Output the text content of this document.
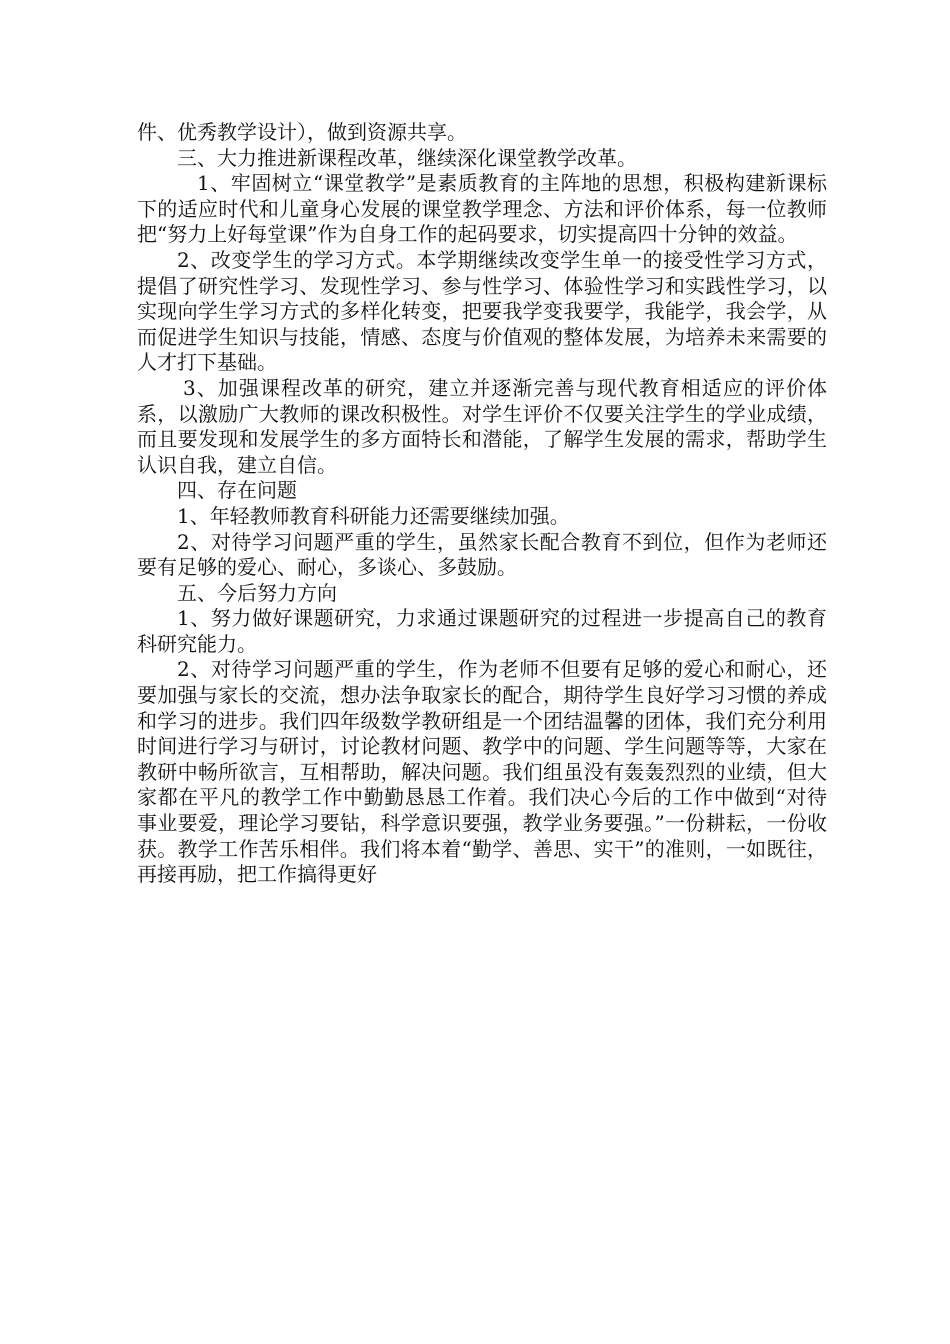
件、优秀教学设计），做到资源共享。

三、大力推进新课程改革，继续深化课堂教学改革。

1、牢固树立“课堂教学”是素质教育的主阵地的思想，积极构建新课标下的适应时代和儿童身心发展的课堂教学理念、方法和评价体系，每一位教师把“努力上好每堂课”作为自身工作的起码要求，切实提高四十分钟的效益。

2、改变学生的学习方式。本学期继续改变学生单一的接受性学习方式，提倡了研究性学习、发现性学习、参与性学习、体验性学习和实践性学习，以实现向学生学习方式的多样化转变，把要我学变我要学，我能学，我会学，从而促进学生知识与技能，情感、态度与价值观的整体发展，为培养未来需要的人才打下基础。

3、加强课程改革的研究，建立并逐渐完善与现代教育相适应的评价体系，以激励广大教师的课改积极性。对学生评价不仅要关注学生的学业成绩，而且要发现和发展学生的多方面特长和潜能，了解学生发展的需求，帮助学生认识自我，建立自信。

四、存在问题

1、年轻教师教育科研能力还需要继续加强。

2、对待学习问题严重的学生，虽然家长配合教育不到位，但作为老师还要有足够的爱心、耐心，多谈心、多鼓励。

五、今后努力方向

1、努力做好课题研究，力求通过课题研究的过程进一步提高自己的教育科研究能力。

2、对待学习问题严重的学生，作为老师不但要有足够的爱心和耐心，还要加强与家长的交流，想办法争取家长的配合，期待学生良好学习习惯的养成和学习的进步。我们四年级数学教研组是一个团结温馨的团体，我们充分利用时间进行学习与研讨，讨论教材问题、教学中的问题、学生问题等等，大家在教研中畅所欲言，互相帮助，解决问题。我们组虽没有轰轰烈烈的业绩，但大家都在平凡的教学工作中勤勤恳恳工作着。我们决心今后的工作中做到“对待事业要爱，理论学习要钻，科学意识要强，教学业务要强。”一份耕耘，一份收获。教学工作苦乐相伴。我们将本着“勤学、善思、实干”的准则，一如既往，再接再励，把工作搞得更好
